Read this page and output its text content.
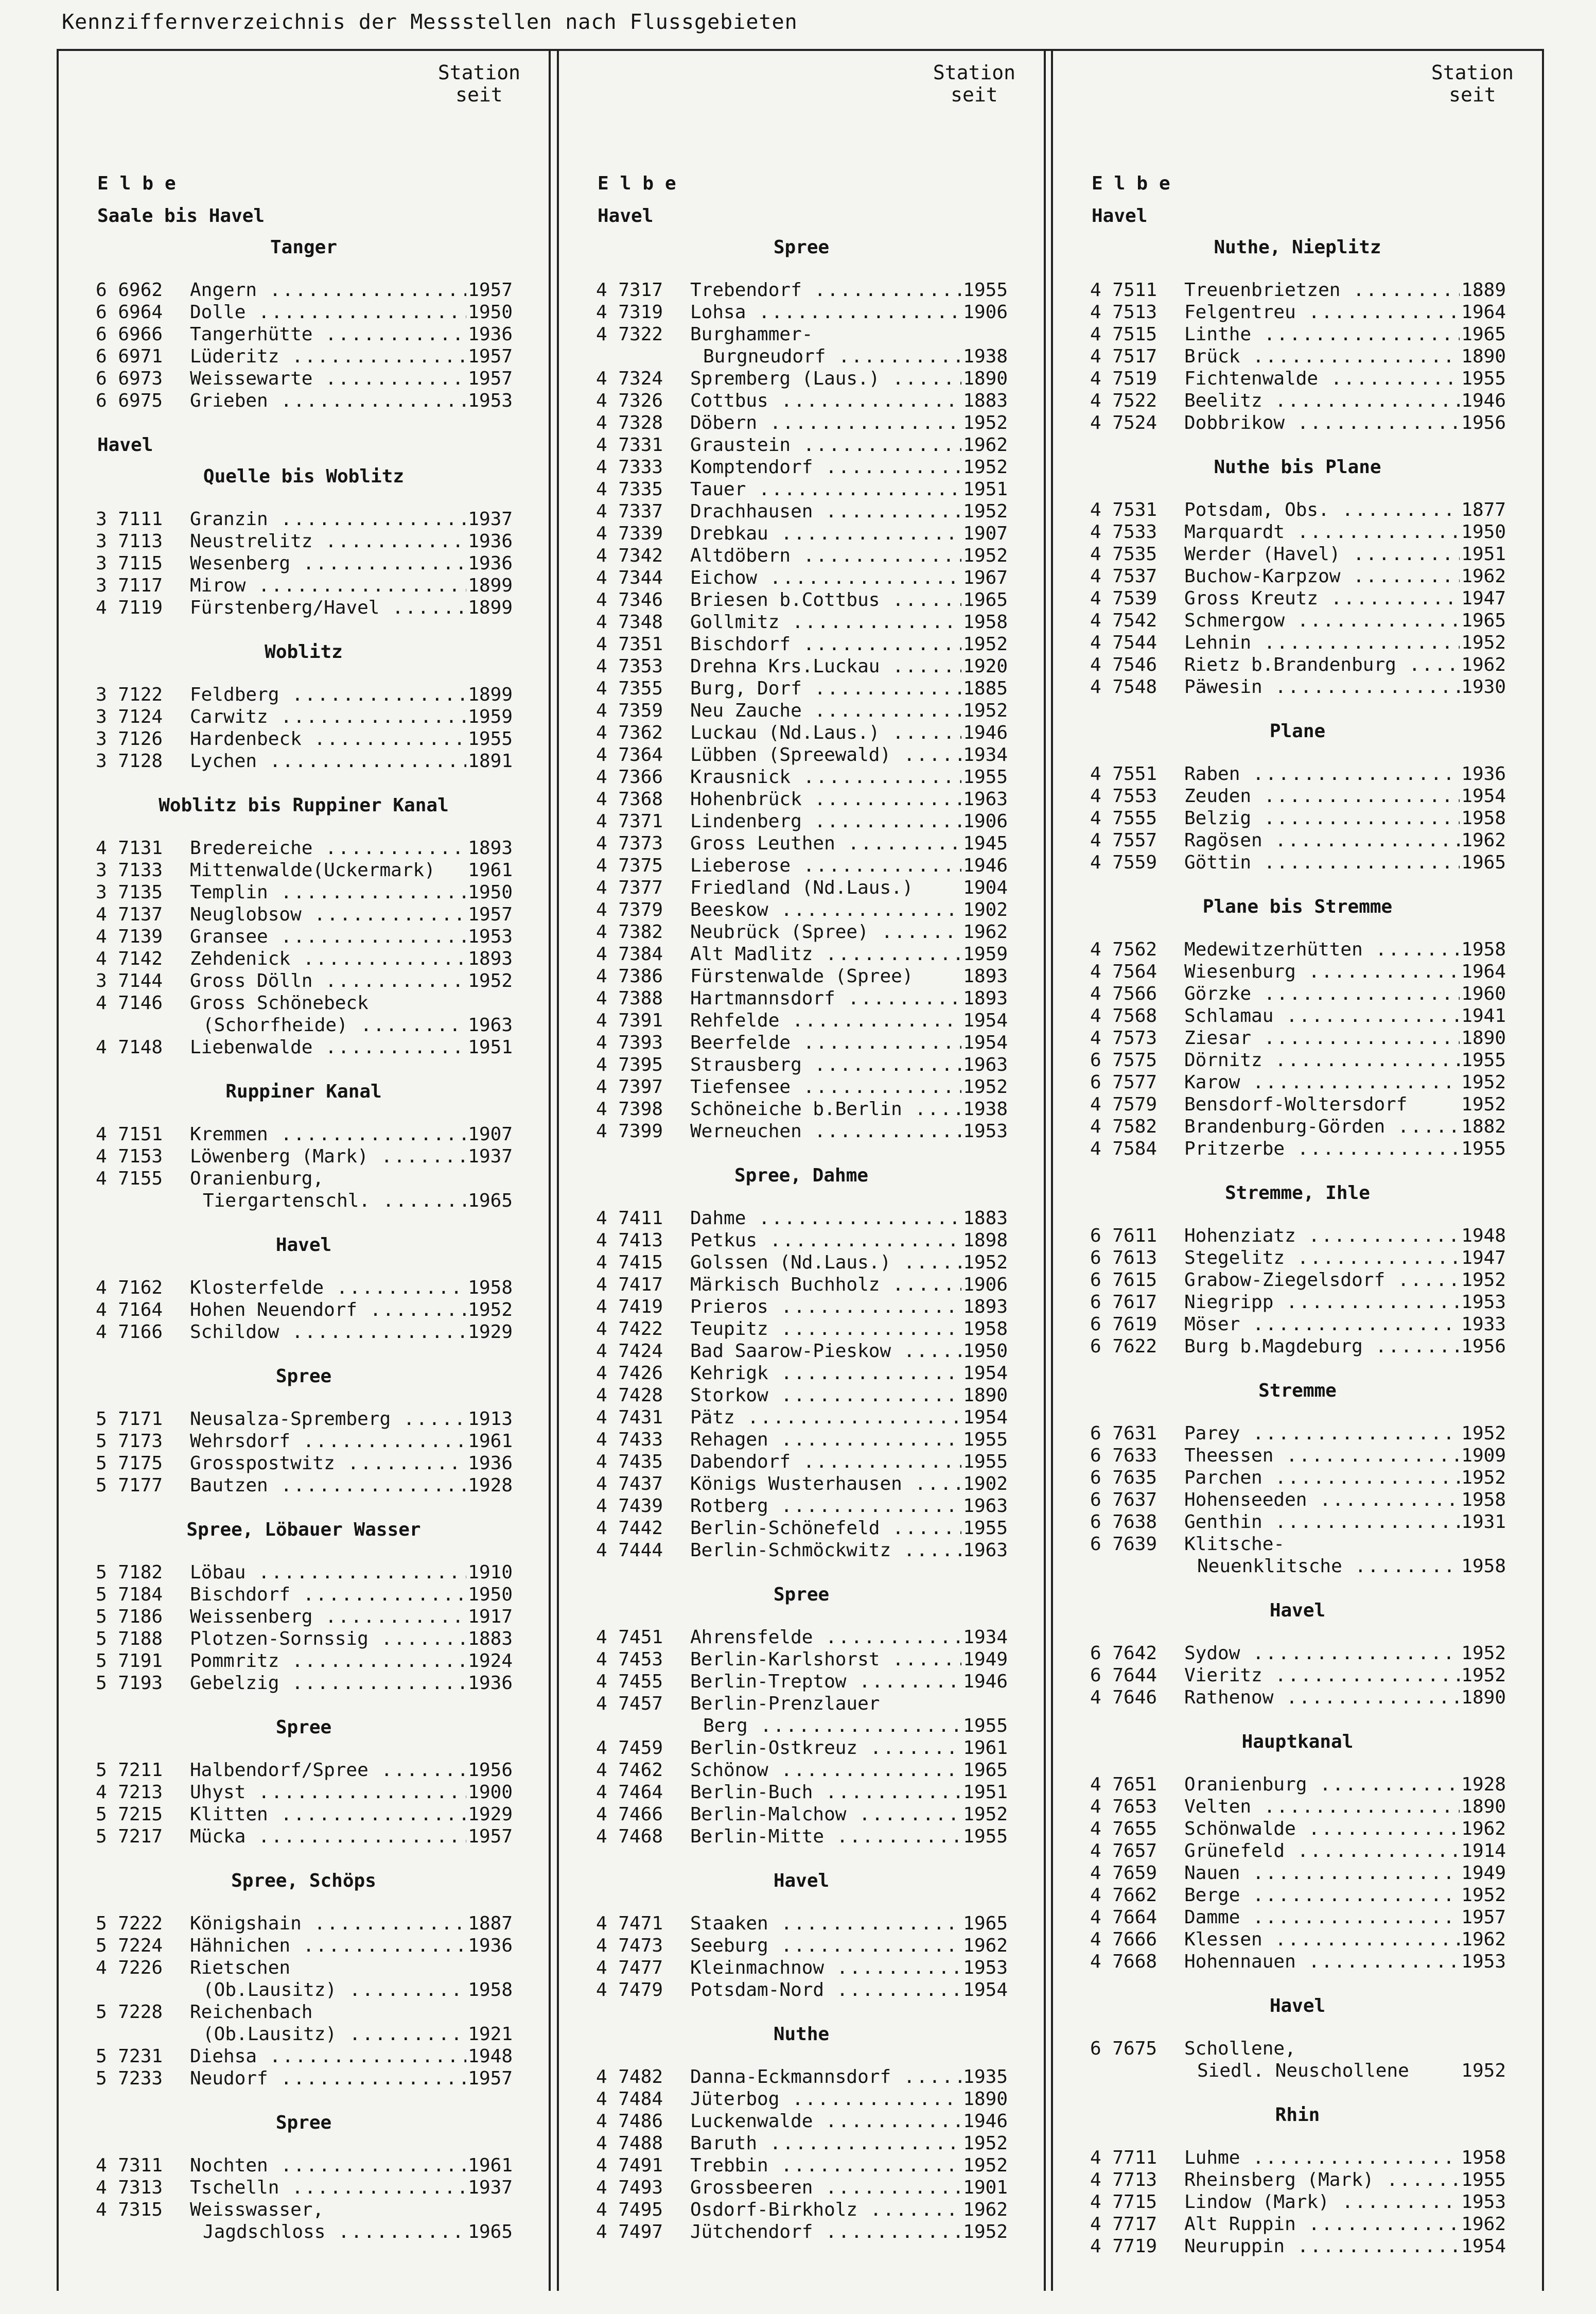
Kennziffernverzeichnis der Messstellen nach Flussgebieten
Station
seit
Elbe
Saale bis Havel
Tanger
6 6962	Angern .....	1957
6 6964	Dolle .....	1950
6 6966	Tangerhütte .....	1936
6 6971	Lüderitz .....	1957
6 6973	Weissewarte .....	1957
6 6975	Grieben .....	1953
Havel
Quelle bis Woblitz
3 7111	Granzin .....	1937
3 7113	Neustrelitz .....	1936
3 7115	Wesenberg .....	1936
3 7117	Mirow .....	1899
4 7119	Fürstenberg/Havel .....	1899
Woblitz
3 7122	Feldberg .....	1899
3 7124	Carwitz .....	1959
3 7126	Hardenbeck .....	1955
3 7128	Lychen .....	1891
Woblitz bis Ruppiner Kanal
4 7131	Bredereiche .....	1893
3 7133	Mittenwalde(Uckermark)	1961
3 7135	Templin .....	1950
4 7137	Neuglobsow .....	1957
4 7139	Gransee .....	1953
4 7142	Zehdenick .....	1893
3 7144	Gross Dölln .....	1952
4 7146	Gross Schönebeck
(Schorfheide) .....	1963
4 7148	Liebenwalde .....	1951
Ruppiner Kanal
4 7151	Kremmen .....	1907
4 7153	Löwenberg (Mark) .....	1937
4 7155	Oranienburg,
Tiergartenschl. .....	1965
Havel
4 7162	Klosterfelde .....	1958
4 7164	Hohen Neuendorf .....	1952
4 7166	Schildow .....	1929
Spree
5 7171	Neusalza-Spremberg .....	1913
5 7173	Wehrsdorf .....	1961
5 7175	Grosspostwitz .....	1936
5 7177	Bautzen .....	1928
Spree, Löbauer Wasser
5 7182	Löbau .....	1910
5 7184	Bischdorf .....	1950
5 7186	Weissenberg .....	1917
5 7188	Plotzen-Sornssig .....	1883
5 7191	Pommritz .....	1924
5 7193	Gebelzig .....	1936
Spree
5 7211	Halbendorf/Spree .....	1956
4 7213	Uhyst .....	1900
5 7215	Klitten .....	1929
5 7217	Mücka .....	1957
Spree, Schöps
5 7222	Königshain .....	1887
5 7224	Hähnichen .....	1936
4 7226	Rietschen
(Ob.Lausitz) .....	1958
5 7228	Reichenbach
(Ob.Lausitz) .....	1921
5 7231	Diehsa .....	1948
5 7233	Neudorf .....	1957
Spree
4 7311	Nochten .....	1961
4 7313	Tschelln .....	1937
4 7315	Weisswasser,
Jagdschloss .....	1965
Station
seit
Elbe
Havel
Spree
4 7317	Trebendorf .....	1955
4 7319	Lohsa .....	1906
4 7322	Burghammer-
Burgneudorf .....	1938
4 7324	Spremberg (Laus.) .....	1890
4 7326	Cottbus .....	1883
4 7328	Döbern .....	1952
4 7331	Graustein .....	1962
4 7333	Komptendorf .....	1952
4 7335	Tauer .....	1951
4 7337	Drachhausen .....	1952
4 7339	Drebkau .....	1907
4 7342	Altdöbern .....	1952
4 7344	Eichow .....	1967
4 7346	Briesen b.Cottbus .....	1965
4 7348	Gollmitz .....	1958
4 7351	Bischdorf .....	1952
4 7353	Drehna Krs.Luckau .....	1920
4 7355	Burg, Dorf .....	1885
4 7359	Neu Zauche .....	1952
4 7362	Luckau (Nd.Laus.) .....	1946
4 7364	Lübben (Spreewald) .....	1934
4 7366	Krausnick .....	1955
4 7368	Hohenbrück .....	1963
4 7371	Lindenberg .....	1906
4 7373	Gross Leuthen .....	1945
4 7375	Lieberose .....	1946
4 7377	Friedland (Nd.Laus.)	1904
4 7379	Beeskow .....	1902
4 7382	Neubrück (Spree) .....	1962
4 7384	Alt Madlitz .....	1959
4 7386	Fürstenwalde (Spree)	1893
4 7388	Hartmannsdorf .....	1893
4 7391	Rehfelde .....	1954
4 7393	Beerfelde .....	1954
4 7395	Strausberg .....	1963
4 7397	Tiefensee .....	1952
4 7398	Schöneiche b.Berlin .....	1938
4 7399	Werneuchen .....	1953
Spree, Dahme
4 7411	Dahme .....	1883
4 7413	Petkus .....	1898
4 7415	Golssen (Nd.Laus.) .....	1952
4 7417	Märkisch Buchholz .....	1906
4 7419	Prieros .....	1893
4 7422	Teupitz .....	1958
4 7424	Bad Saarow-Pieskow .....	1950
4 7426	Kehrigk .....	1954
4 7428	Storkow .....	1890
4 7431	Pätz .....	1954
4 7433	Rehagen .....	1955
4 7435	Dabendorf .....	1955
4 7437	Königs Wusterhausen .....	1902
4 7439	Rotberg .....	1963
4 7442	Berlin-Schönefeld .....	1955
4 7444	Berlin-Schmöckwitz .....	1963
Spree
4 7451	Ahrensfelde .....	1934
4 7453	Berlin-Karlshorst .....	1949
4 7455	Berlin-Treptow .....	1946
4 7457	Berlin-Prenzlauer
Berg .....	1955
4 7459	Berlin-Ostkreuz .....	1961
4 7462	Schönow .....	1965
4 7464	Berlin-Buch .....	1951
4 7466	Berlin-Malchow .....	1952
4 7468	Berlin-Mitte .....	1955
Havel
4 7471	Staaken .....	1965
4 7473	Seeburg .....	1962
4 7477	Kleinmachnow .....	1953
4 7479	Potsdam-Nord .....	1954
Nuthe
4 7482	Danna-Eckmannsdorf .....	1935
4 7484	Jüterbog .....	1890
4 7486	Luckenwalde .....	1946
4 7488	Baruth .....	1952
4 7491	Trebbin .....	1952
4 7493	Grossbeeren .....	1901
4 7495	Osdorf-Birkholz .....	1962
4 7497	Jütchendorf .....	1952
Station
seit
Elbe
Havel
Nuthe, Nieplitz
4 7511	Treuenbrietzen .....	1889
4 7513	Felgentreu .....	1964
4 7515	Linthe .....	1965
4 7517	Brück .....	1890
4 7519	Fichtenwalde .....	1955
4 7522	Beelitz .....	1946
4 7524	Dobbrikow .....	1956
Nuthe bis Plane
4 7531	Potsdam, Obs. .....	1877
4 7533	Marquardt .....	1950
4 7535	Werder (Havel) .....	1951
4 7537	Buchow-Karpzow .....	1962
4 7539	Gross Kreutz .....	1947
4 7542	Schmergow .....	1965
4 7544	Lehnin .....	1952
4 7546	Rietz b.Brandenburg .....	1962
4 7548	Päwesin .....	1930
Plane
4 7551	Raben .....	1936
4 7553	Zeuden .....	1954
4 7555	Belzig .....	1958
4 7557	Ragösen .....	1962
4 7559	Göttin .....	1965
Plane bis Stremme
4 7562	Medewitzerhütten .....	1958
4 7564	Wiesenburg .....	1964
4 7566	Görzke .....	1960
4 7568	Schlamau .....	1941
4 7573	Ziesar .....	1890
6 7575	Dörnitz .....	1955
6 7577	Karow .....	1952
4 7579	Bensdorf-Woltersdorf	1952
4 7582	Brandenburg-Görden .....	1882
4 7584	Pritzerbe .....	1955
Stremme, Ihle
6 7611	Hohenziatz .....	1948
6 7613	Stegelitz .....	1947
6 7615	Grabow-Ziegelsdorf .....	1952
6 7617	Niegripp .....	1953
6 7619	Möser .....	1933
6 7622	Burg b.Magdeburg .....	1956
Stremme
6 7631	Parey .....	1952
6 7633	Theessen .....	1909
6 7635	Parchen .....	1952
6 7637	Hohenseeden .....	1958
6 7638	Genthin .....	1931
6 7639	Klitsche-
Neuenklitsche .....	1958
Havel
6 7642	Sydow .....	1952
6 7644	Vieritz .....	1952
4 7646	Rathenow .....	1890
Hauptkanal
4 7651	Oranienburg .....	1928
4 7653	Velten .....	1890
4 7655	Schönwalde .....	1962
4 7657	Grünefeld .....	1914
4 7659	Nauen .....	1949
4 7662	Berge .....	1952
4 7664	Damme .....	1957
4 7666	Klessen .....	1962
4 7668	Hohennauen .....	1953
Havel
6 7675	Schollene,
Siedl. Neuschollene	1952
Rhin
4 7711	Luhme .....	1958
4 7713	Rheinsberg (Mark) .....	1955
4 7715	Lindow (Mark) .....	1953
4 7717	Alt Ruppin .....	1962
4 7719	Neuruppin .....	1954
